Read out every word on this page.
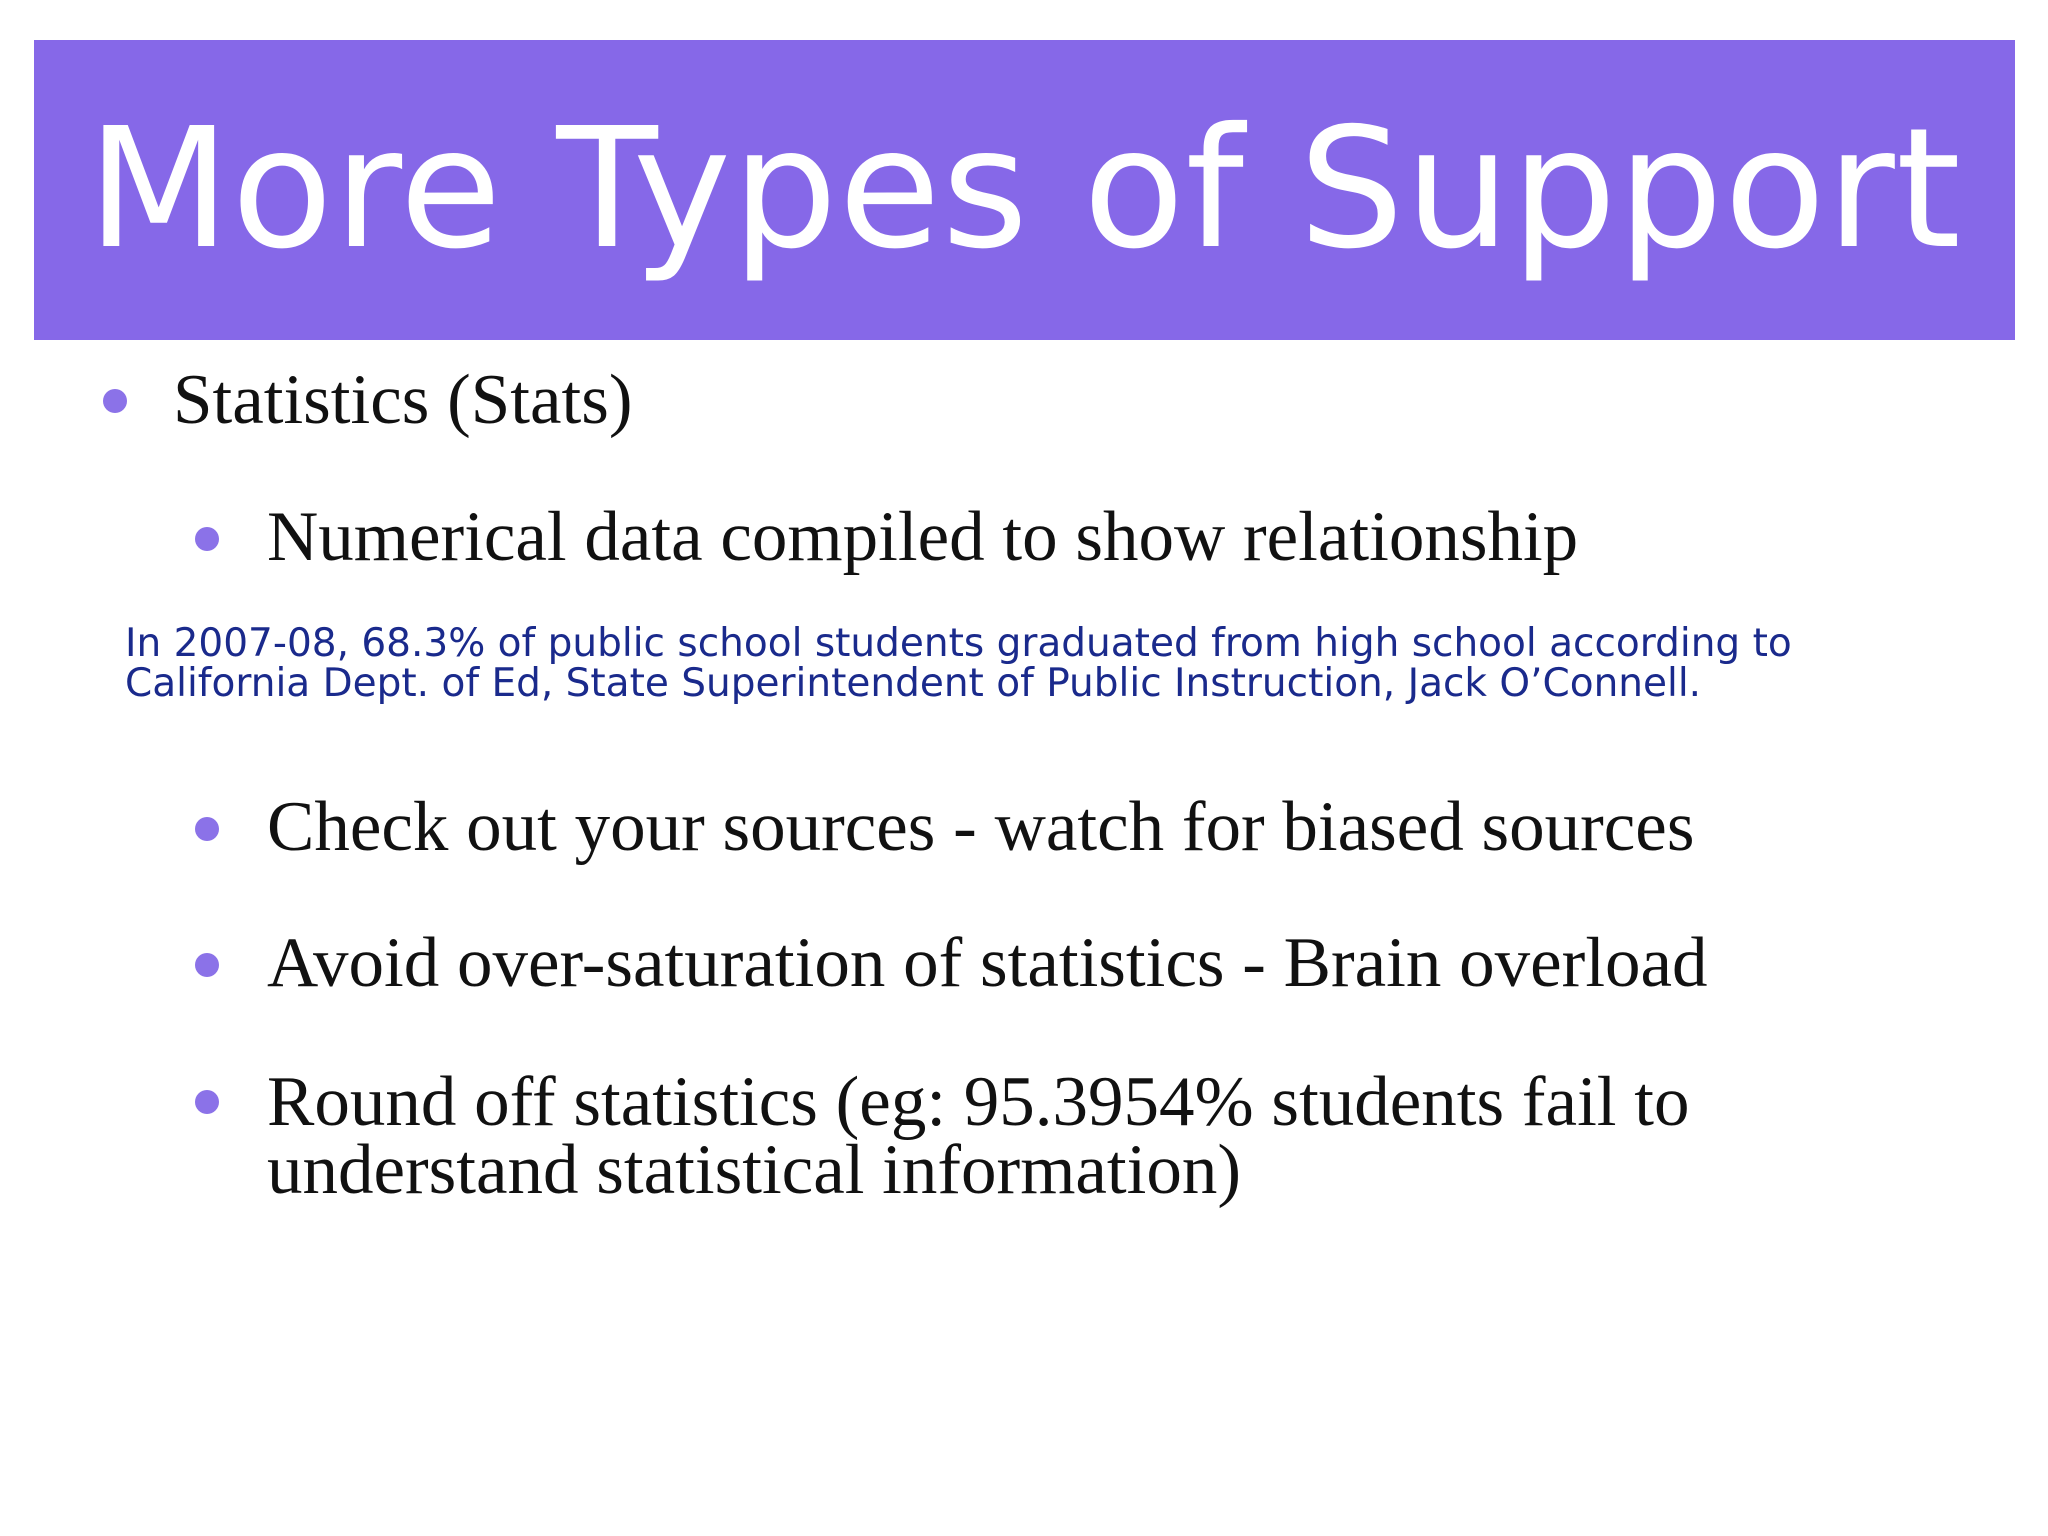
More Types of Support
Statistics (Stats)
Numerical data compiled to show relationship
In 2007-08, 68.3% of public school students graduated from high school according to
California Dept. of Ed, State Superintendent of Public Instruction, Jack O’Connell.
Check out your sources - watch for biased sources
Avoid over-saturation of statistics - Brain overload
Round off statistics (eg: 95.3954% students fail to
understand statistical information)
